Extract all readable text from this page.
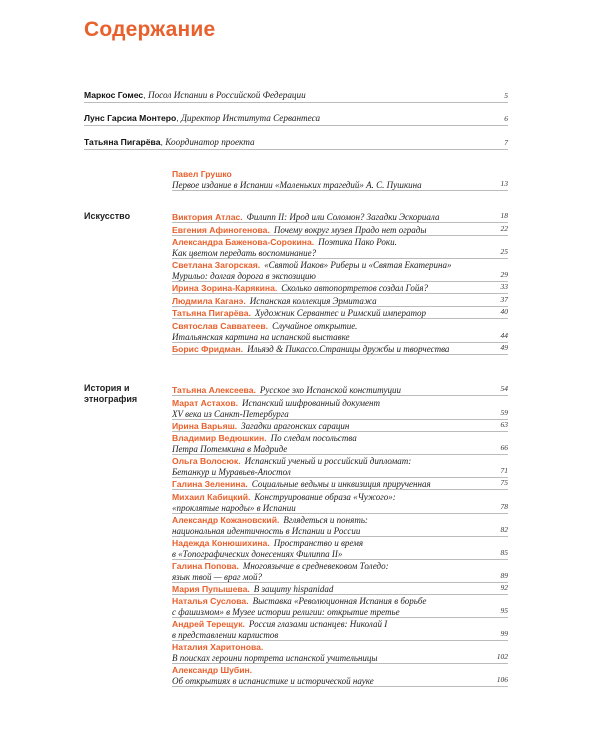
Содержание
Маркос Гомес, Посол Испании в Российской Федерации	5
Лунс Гарсиа Монтеро, Директор Института Сервантеса	6
Татьяна Пигарёва, Координатор проекта	7
Павел Грушко
Первое издание в Испании «Маленьких трагедий» А. С. Пушкина	13
Искусство	Виктория Атлас. Филипп II: Ирод или Соломон? Загадки Эскориала	18
Евгения Афиногенова. Почему вокруг музея Прадо нет ограды	22
Александра Баженова-Сорокина. Поэтика Пако Роки.
Как цветом передать воспоминание?	25
Светлана Загорская. «Святой Иаков» Риберы и «Святая Екатерина»
Мурильо: долгая дорога в экспозицию	29
Ирина Зорина-Карякина. Сколько автопортретов создал Гойя?	33
Людмила Каганэ. Испанская коллекция Эрмитажа	37
Татьяна Пигарёва. Художник Сервантес и Римский император	40
Святослав Савватеев. Случайное открытие.
Итальянская картина на испанской выставке	44
Борис Фридман. Ильязд & Пикассо.Страницы дружбы и творчества	49
История и этнография
Татьяна Алексеева. Русское эхо Испанской конституции	54
Марат Астахов. Испанский шифрованный документ
XV века из Санкт-Петербурга	59
Ирина Варьяш. Загадки арагонских сарацин	63
Владимир Ведюшкин. По следам посольства
Петра Потемкина в Мадриде	66
Ольга Волосюк. Испанский ученый и российский дипломат:
Бетанкур и Муравьев-Апостол	71
Галина Зеленина. Социальные ведьмы и инквизиция прирученная	75
Михаил Кабицкий. Конструирование образа «Чужого»:
«проклятые народы» в Испании	78
Александр Кожановский. Вглядеться и понять:
национальная идентичность в Испании и России	82
Надежда Конюшихина. Пространство и время
в «Топографических донесениях Филиппа II»	85
Галина Попова. Многоязычие в средневековом Толедо:
язык твой — враг мой?	89
Мария Пупышева. В защиту hispanidad	92
Наталья Суслова. Выставка «Революционная Испания в борьбе
с фашизмом» в Музее истории религии: открытие третье	95
Андрей Терещук. Россия глазами испанцев: Николай I
в представлении карлистов	99
Наталия Харитонова.
В поисках героини портрета испанской учительницы	102
Александр Шубин.
Об открытиях в испанистике и исторической науке	106
